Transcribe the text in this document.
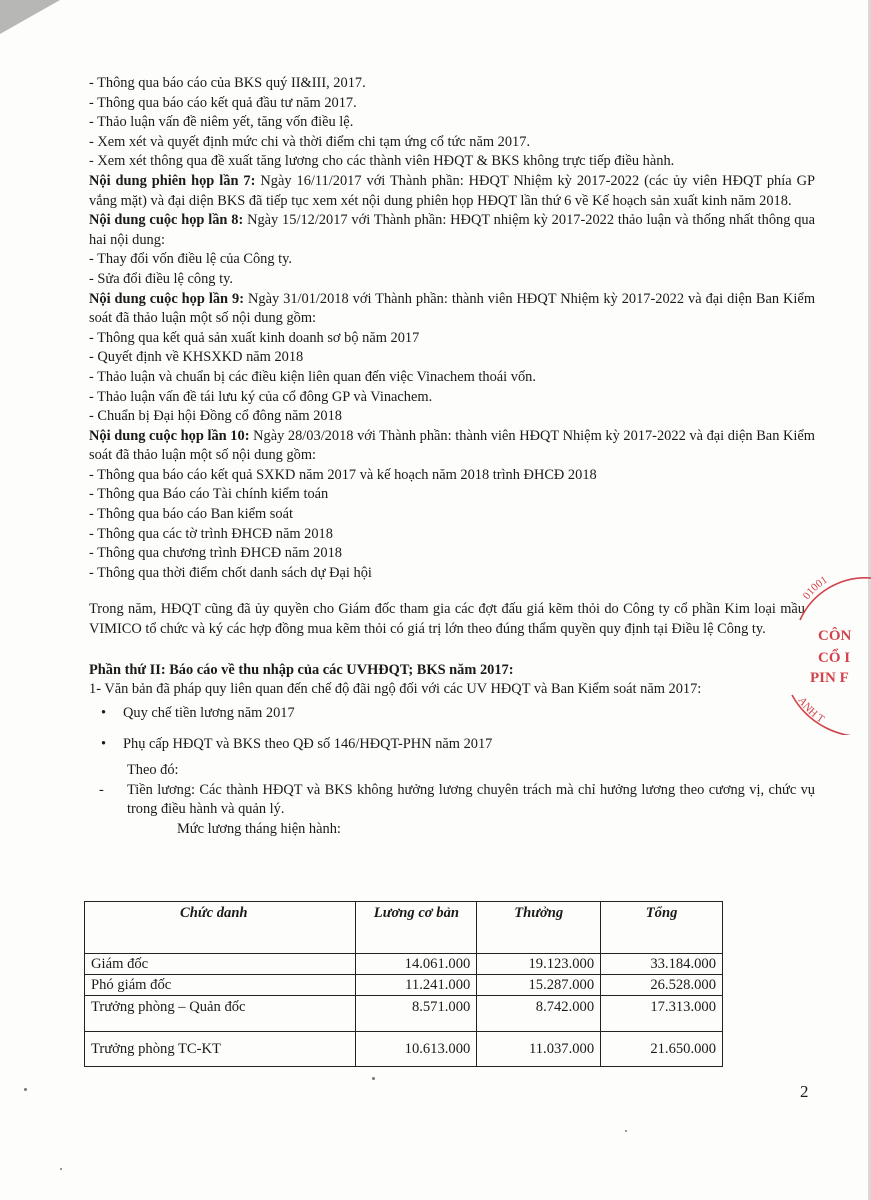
- Thông qua báo cáo của BKS quý II&III, 2017.
- Thông qua báo cáo kết quả đầu tư năm 2017.
- Thảo luận vấn đề niêm yết, tăng vốn điều lệ.
- Xem xét và quyết định mức chi và thời điểm chi tạm ứng cổ tức năm 2017.
- Xem xét thông qua đề xuất tăng lương cho các thành viên HĐQT & BKS không trực tiếp điều hành.
Nội dung phiên họp lần 7: Ngày 16/11/2017 với Thành phần: HĐQT Nhiệm kỳ 2017-2022 (các ủy viên HĐQT phía GP vắng mặt) và đại diện BKS đã tiếp tục xem xét nội dung phiên họp HĐQT lần thứ 6 về Kế hoạch sản xuất kinh năm 2018.
Nội dung cuộc họp lần 8: Ngày 15/12/2017 với Thành phần: HĐQT nhiệm kỳ 2017-2022 thảo luận và thống nhất thông qua hai nội dung:
- Thay đổi vốn điều lệ của Công ty.
- Sửa đổi điều lệ công ty.
Nội dung cuộc họp lần 9: Ngày 31/01/2018 với Thành phần: thành viên HĐQT Nhiệm kỳ 2017-2022 và đại diện Ban Kiểm soát đã thảo luận một số nội dung gồm:
- Thông qua kết quả sản xuất kinh doanh sơ bộ năm 2017
- Quyết định về KHSXKD năm 2018
- Thảo luận và chuẩn bị các điều kiện liên quan đến việc Vinachem thoái vốn.
- Thảo luận vấn đề tái lưu ký của cổ đông GP và Vinachem.
- Chuẩn bị Đại hội Đồng cổ đông năm 2018
Nội dung cuộc họp lần 10: Ngày 28/03/2018 với Thành phần: thành viên HĐQT Nhiệm kỳ 2017-2022 và đại diện Ban Kiểm soát đã thảo luận một số nội dung gồm:
- Thông qua báo cáo kết quả SXKD năm 2017 và kế hoạch năm 2018 trình ĐHCĐ 2018
- Thông qua Báo cáo Tài chính kiểm toán
- Thông qua báo cáo Ban kiểm soát
- Thông qua các tờ trình ĐHCĐ năm 2018
- Thông qua chương trình ĐHCĐ năm 2018
- Thông qua thời điểm chốt danh sách dự Đại hội
Trong năm, HĐQT cũng đã ủy quyền cho Giám đốc tham gia các đợt đấu giá kẽm thỏi do Công ty cổ phần Kim loại mầu VIMICO tổ chức và ký các hợp đồng mua kẽm thỏi có giá trị lớn theo đúng thẩm quyền quy định tại Điều lệ Công ty.
Phần thứ II: Báo cáo về thu nhập của các UVHĐQT; BKS năm 2017:
1- Văn bản đã pháp quy liên quan đến chế độ đãi ngộ đối với các UV HĐQT và Ban Kiểm soát năm 2017:
• Quy chế tiền lương năm 2017
• Phụ cấp HĐQT và BKS theo QĐ số 146/HĐQT-PHN năm 2017
Theo đó:
- Tiền lương: Các thành HĐQT và BKS không hưởng lương chuyên trách mà chỉ hưởng lương theo cương vị, chức vụ trong điều hành và quản lý.
Mức lương tháng hiện hành:
Chức danh	Lương cơ bản	Thưởng	Tổng
Giám đốc	14.061.000	19.123.000	33.184.000
Phó giám đốc	11.241.000	15.287.000	26.528.000
Trưởng phòng – Quản đốc	8.571.000	8.742.000	17.313.000
Trưởng phòng TC-KT	10.613.000	11.037.000	21.650.000
2
01001
ANH T
CÔN
CỔ I
PIN F
